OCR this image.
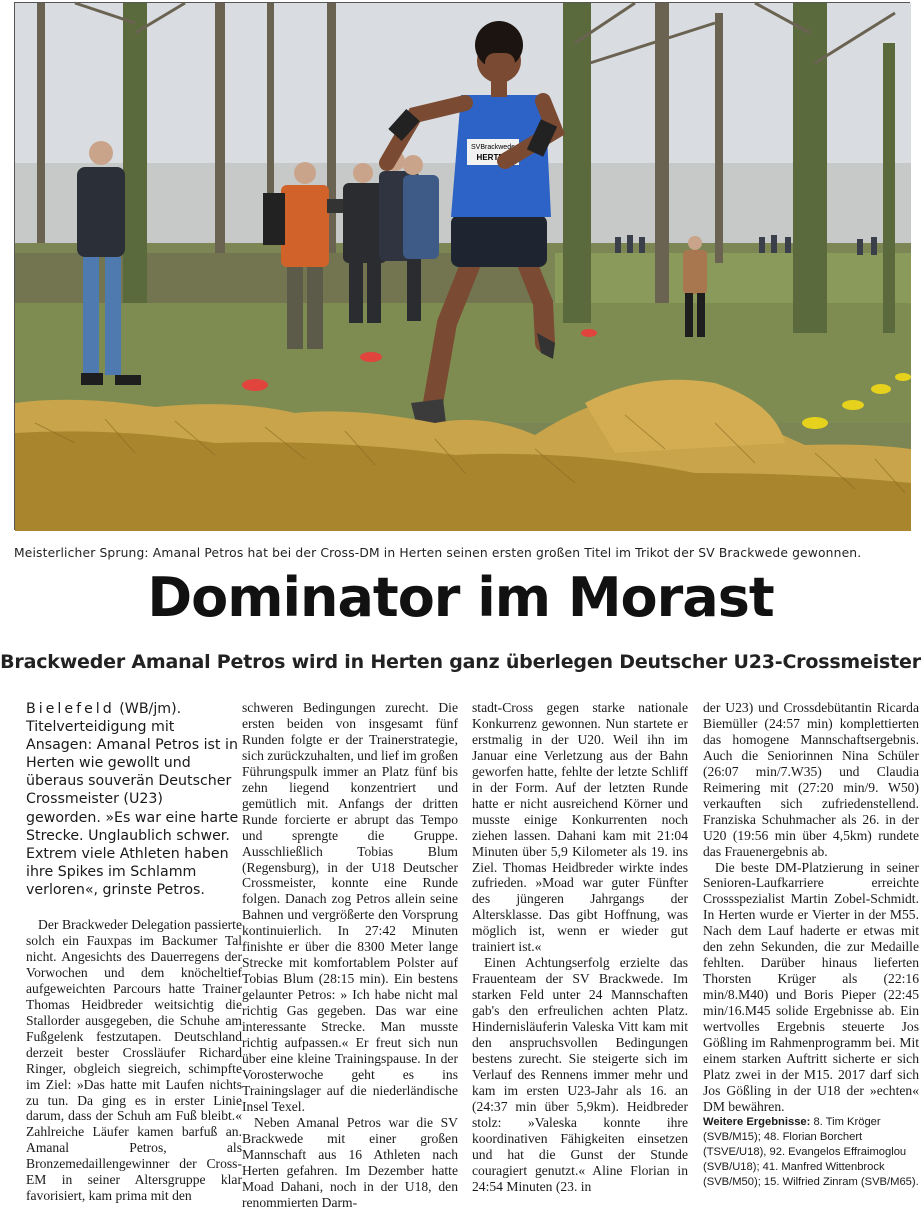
SVBrackwede
HERTEN
Meisterlicher Sprung: Amanal Petros hat bei der Cross-DM in Herten seinen ersten großen Titel im Trikot der SV Brackwede gewonnen.
Dominator im Morast
Brackweder Amanal Petros wird in Herten ganz überlegen Deutscher U23-Crossmeister

Bielefeld (WB/jm). Titelverteidigung mit Ansagen: Amanal Petros ist in Herten wie gewollt und überaus souverän Deutscher Crossmeister (U23) geworden. »Es war eine harte Strecke. Unglaublich schwer. Extrem viele Athleten haben ihre Spikes im Schlamm verloren«, grinste Petros.

Der Brackweder Delegation passierte solch ein Fauxpas im Backumer Tal nicht. Angesichts des Dauerregens der Vorwochen und dem knöcheltief aufgeweichten Parcours hatte Trainer Thomas Heidbreder weitsichtig die Stallorder ausgegeben, die Schuhe am Fußgelenk festzutapen. Deutschland derzeit bester Crossläufer Richard Ringer, obgleich siegreich, schimpfte im Ziel: »Das hatte mit Laufen nichts zu tun. Da ging es in erster Linie darum, dass der Schuh am Fuß bleibt.« Zahlreiche Läufer kamen barfuß an. Amanal Petros, als Bronzemedaillengewinner der Cross-EM in seiner Altersgruppe klar favorisiert, kam prima mit den

schweren Bedingungen zurecht. Die ersten beiden von insgesamt fünf Runden folgte er der Trainerstrategie, sich zurückzuhalten, und lief im großen Führungspulk immer an Platz fünf bis zehn liegend konzentriert und gemütlich mit. Anfangs der dritten Runde forcierte er abrupt das Tempo und sprengte die Gruppe. Ausschließlich Tobias Blum (Regensburg), in der U18 Deutscher Crossmeister, konnte eine Runde folgen. Danach zog Petros allein seine Bahnen und vergrößerte den Vorsprung kontinuierlich. In 27:42 Minuten finishte er über die 8300 Meter lange Strecke mit komfortablem Polster auf Tobias Blum (28:15 min). Ein bestens gelaunter Petros: » Ich habe nicht mal richtig Gas gegeben. Das war eine interessante Strecke. Man musste richtig aufpassen.« Er freut sich nun über eine kleine Trainingspause. In der Vorosterwoche geht es ins Trainingslager auf die niederländische Insel Texel.

Neben Amanal Petros war die SV Brackwede mit einer großen Mannschaft aus 16 Athleten nach Herten gefahren. Im Dezember hatte Moad Dahani, noch in der U18, den renommierten Darm-

stadt-Cross gegen starke nationale Konkurrenz gewonnen. Nun startete er erstmalig in der U20. Weil ihn im Januar eine Verletzung aus der Bahn geworfen hatte, fehlte der letzte Schliff in der Form. Auf der letzten Runde hatte er nicht ausreichend Körner und musste einige Konkurrenten noch ziehen lassen. Dahani kam mit 21:04 Minuten über 5,9 Kilometer als 19. ins Ziel. Thomas Heidbreder wirkte indes zufrieden. »Moad war guter Fünfter des jüngeren Jahrgangs der Altersklasse. Das gibt Hoffnung, was möglich ist, wenn er wieder gut trainiert ist.«

Einen Achtungserfolg erzielte das Frauenteam der SV Brackwede. Im starken Feld unter 24 Mannschaften gab's den erfreulichen achten Platz. Hindernisläuferin Valeska Vitt kam mit den anspruchsvollen Bedingungen bestens zurecht. Sie steigerte sich im Verlauf des Rennens immer mehr und kam im ersten U23-Jahr als 16. an (24:37 min über 5,9km). Heidbreder stolz: »Valeska konnte ihre koordinativen Fähigkeiten einsetzen und hat die Gunst der Stunde couragiert genutzt.« Aline Florian in 24:54 Minuten (23. in

der U23) und Crossdebütantin Ricarda Biemüller (24:57 min) komplettierten das homogene Mannschaftsergebnis. Auch die Seniorinnen Nina Schüler (26:07 min/7.W35) und Claudia Reimering mit (27:20 min/9. W50) verkauften sich zufriedenstellend. Franziska Schuhmacher als 26. in der U20 (19:56 min über 4,5km) rundete das Frauenergebnis ab.

Die beste DM-Platzierung in seiner Senioren-Laufkarriere erreichte Crossspezialist Martin Zobel-Schmidt. In Herten wurde er Vierter in der M55. Nach dem Lauf haderte er etwas mit den zehn Sekunden, die zur Medaille fehlten. Darüber hinaus lieferten Thorsten Krüger als (22:16 min/8.M40) und Boris Pieper (22:45 min/16.M45 solide Ergebnisse ab. Ein wertvolles Ergebnis steuerte Jos Gößling im Rahmenprogramm bei. Mit einem starken Auftritt sicherte er sich Platz zwei in der M15. 2017 darf sich Jos Gößling in der U18 der »echten« DM bewähren.

Weitere Ergebnisse: 8. Tim Kröger (SVB/M15); 48. Florian Borchert (TSVE/U18), 92. Evangelos Effraimoglou (SVB/U18); 41. Manfred Wittenbrock (SVB/M50); 15. Wilfried Zinram (SVB/M65).
